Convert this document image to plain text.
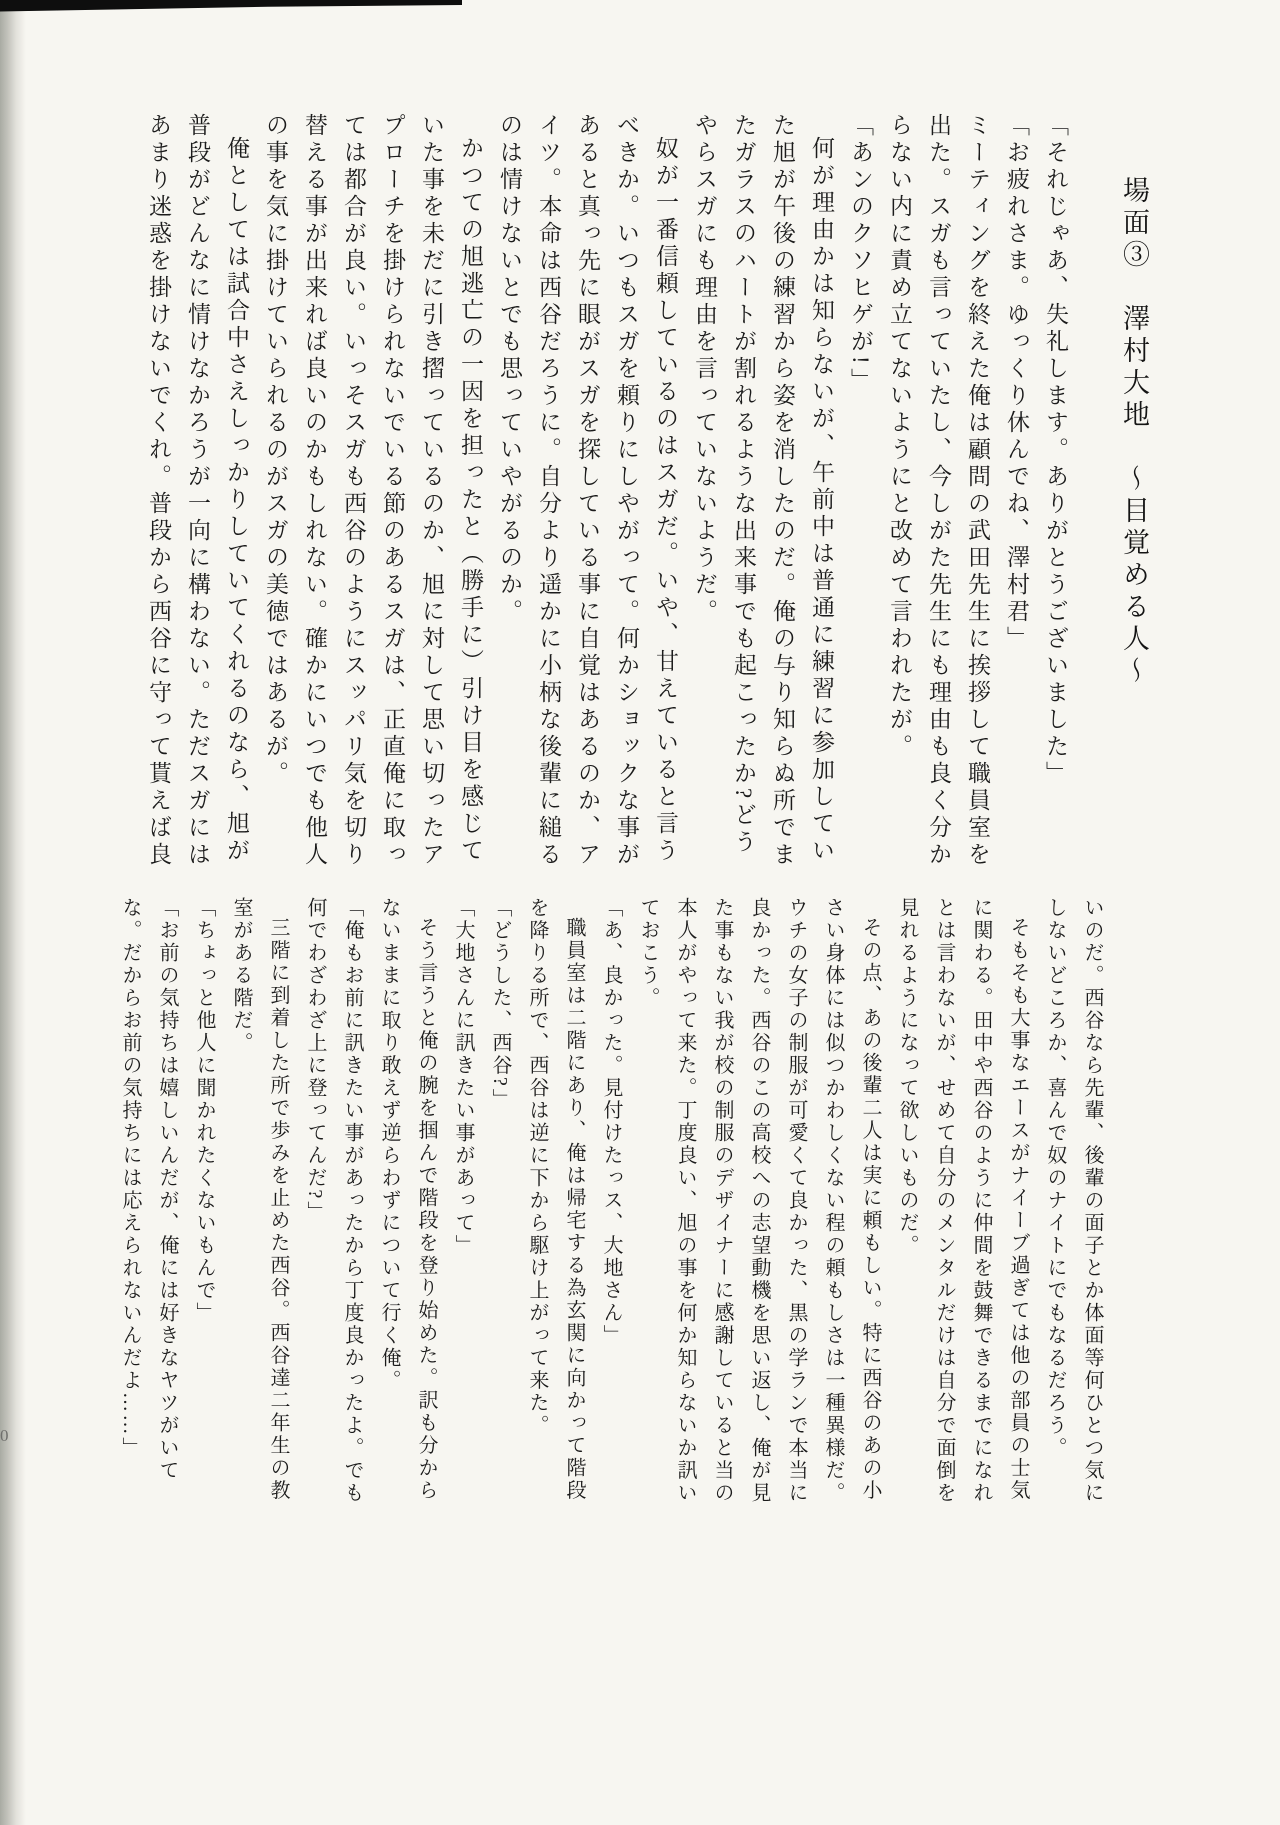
場面③　澤村大地　～目覚める人～

「それじゃあ、失礼します。ありがとうございました」

「お疲れさま。ゆっくり休んでね、澤村君」

ミーティングを終えた俺は顧問の武田先生に挨拶して職員室を出た。スガも言っていたし、今しがた先生にも理由も良く分からない内に責め立てないようにと改めて言われたが。

「あンのクソヒゲが!」

何が理由かは知らないが、午前中は普通に練習に参加していた旭が午後の練習から姿を消したのだ。俺の与り知らぬ所でまたガラスのハートが割れるような出来事でも起こったか?どうやらスガにも理由を言っていないようだ。

奴が一番信頼しているのはスガだ。いや、甘えていると言うべきか。いつもスガを頼りにしやがって。何かショックな事があると真っ先に眼がスガを探している事に自覚はあるのか、アイツ。本命は西谷だろうに。自分より遥かに小柄な後輩に縋るのは情けないとでも思っていやがるのか。

かつての旭逃亡の一因を担ったと（勝手に）引け目を感じていた事を未だに引き摺っているのか、旭に対して思い切ったアプローチを掛けられないでいる節のあるスガは、正直俺に取っては都合が良い。いっそスガも西谷のようにスッパリ気を切り替える事が出来れば良いのかもしれない。確かにいつでも他人の事を気に掛けていられるのがスガの美徳ではあるが。

俺としては試合中さえしっかりしていてくれるのなら、旭が普段がどんなに情けなかろうが一向に構わない。ただスガにはあまり迷惑を掛けないでくれ。普段から西谷に守って貰えば良

いのだ。西谷なら先輩、後輩の面子とか体面等何ひとつ気にしないどころか、喜んで奴のナイトにでもなるだろう。

そもそも大事なエースがナイーブ過ぎては他の部員の士気に関わる。田中や西谷のように仲間を鼓舞できるまでになれとは言わないが、せめて自分のメンタルだけは自分で面倒を見れるようになって欲しいものだ。

その点、あの後輩二人は実に頼もしい。特に西谷のあの小さい身体には似つかわしくない程の頼もしさは一種異様だ。ウチの女子の制服が可愛くて良かった、黒の学ランで本当に良かった。西谷のこの高校への志望動機を思い返し、俺が見た事もない我が校の制服のデザイナーに感謝していると当の本人がやって来た。丁度良い、旭の事を何か知らないか訊いておこう。

「あ、良かった。見付けたっス、大地さん」

職員室は二階にあり、俺は帰宅する為玄関に向かって階段を降りる所で、西谷は逆に下から駆け上がって来た。

「どうした、西谷?」

「大地さんに訊きたい事があって」

そう言うと俺の腕を掴んで階段を登り始めた。訳も分からないままに取り敢えず逆らわずについて行く俺。

「俺もお前に訊きたい事があったから丁度良かったよ。でも何でわざわざ上に登ってんだ?」

三階に到着した所で歩みを止めた西谷。西谷達二年生の教室がある階だ。

「ちょっと他人に聞かれたくないもんで」

「お前の気持ちは嬉しいんだが、俺には好きなヤツがいてな。だからお前の気持ちには応えられないんだよ……」

0
